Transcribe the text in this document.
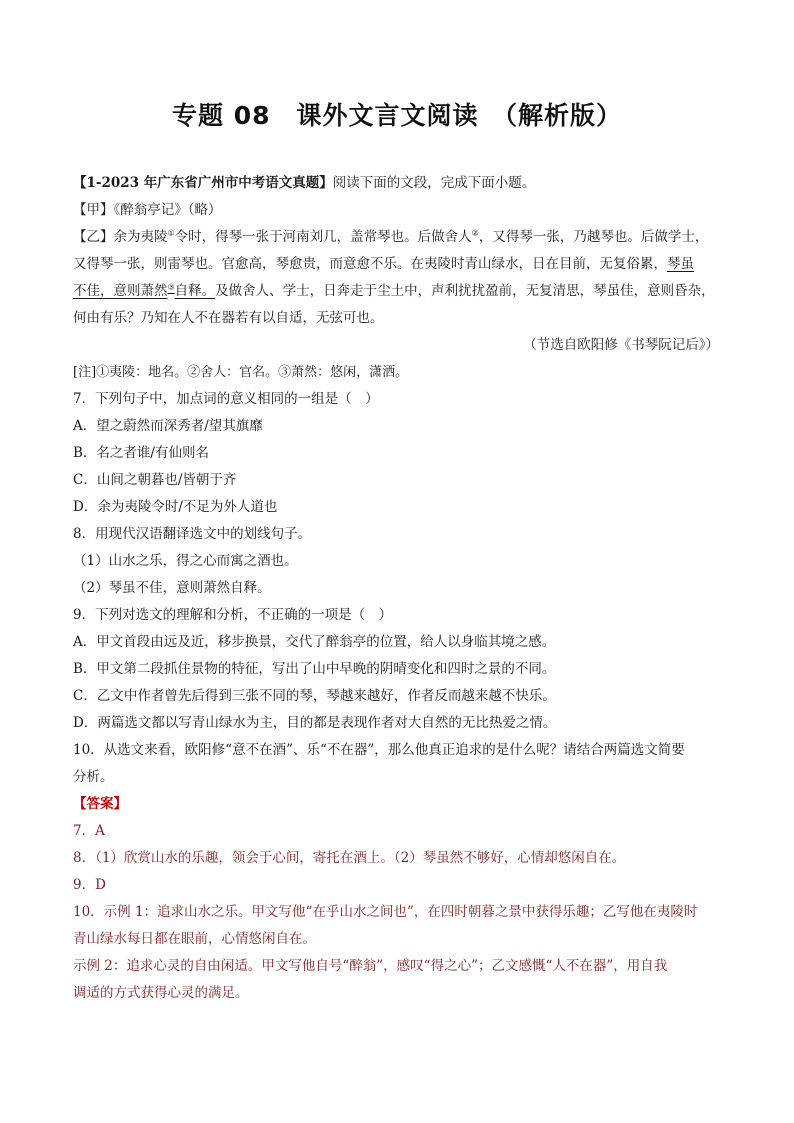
专题 08　课外文言文阅读　（解析版）
【1-2023 年广东省广州市中考语文真题】阅读下面的文段，完成下面小题。
【甲】《醉翁亭记》（略）
【乙】余为夷陵①令时，得琴一张于河南刘几，盖常琴也。后做舍人②，又得琴一张，乃越琴也。后做学士，
又得琴一张，则雷琴也。官愈高，琴愈贵，而意愈不乐。在夷陵时青山绿水，日在目前，无复俗累，琴虽
不佳，意则萧然③自释。及做舍人、学士，日奔走于尘土中，声利扰扰盈前，无复清思，琴虽佳，意则昏杂，
何由有乐？乃知在人不在器若有以自适，无弦可也。
（节选自欧阳修《书琴阮记后》）
[注]①夷陵：地名。②舍人：官名。③萧然：悠闲，潇洒。
7．下列句子中，加点词的意义相同的一组是（　）
A．望之蔚然而深秀者/望其旗靡
B．名之者谁/有仙则名
C．山间之朝暮也/皆朝于齐
D．余为夷陵令时/不足为外人道也
8．用现代汉语翻译选文中的划线句子。
（1）山水之乐，得之心而寓之酒也。
（2）琴虽不佳，意则萧然自释。
9．下列对选文的理解和分析，不正确的一项是（　）
A．甲文首段由远及近，移步换景，交代了醉翁亭的位置，给人以身临其境之感。
B．甲文第二段抓住景物的特征，写出了山中早晚的阴晴变化和四时之景的不同。
C．乙文中作者曾先后得到三张不同的琴，琴越来越好，作者反而越来越不快乐。
D．两篇选文都以写青山绿水为主，目的都是表现作者对大自然的无比热爱之情。
10．从选文来看，欧阳修“意不在酒”、乐“不在器”，那么他真正追求的是什么呢？请结合两篇选文简要
分析。
【答案】
7．A
8．（1）欣赏山水的乐趣，领会于心间，寄托在酒上。（2）琴虽然不够好，心情却悠闲自在。
9．D
10．示例 1：追求山水之乐。甲文写他“在乎山水之间也”，在四时朝暮之景中获得乐趣；乙写他在夷陵时
青山绿水每日都在眼前，心情悠闲自在。
示例 2：追求心灵的自由闲适。甲文写他自号“醉翁”，感叹“得之心”；乙文感慨“人不在器”，用自我
调适的方式获得心灵的满足。
